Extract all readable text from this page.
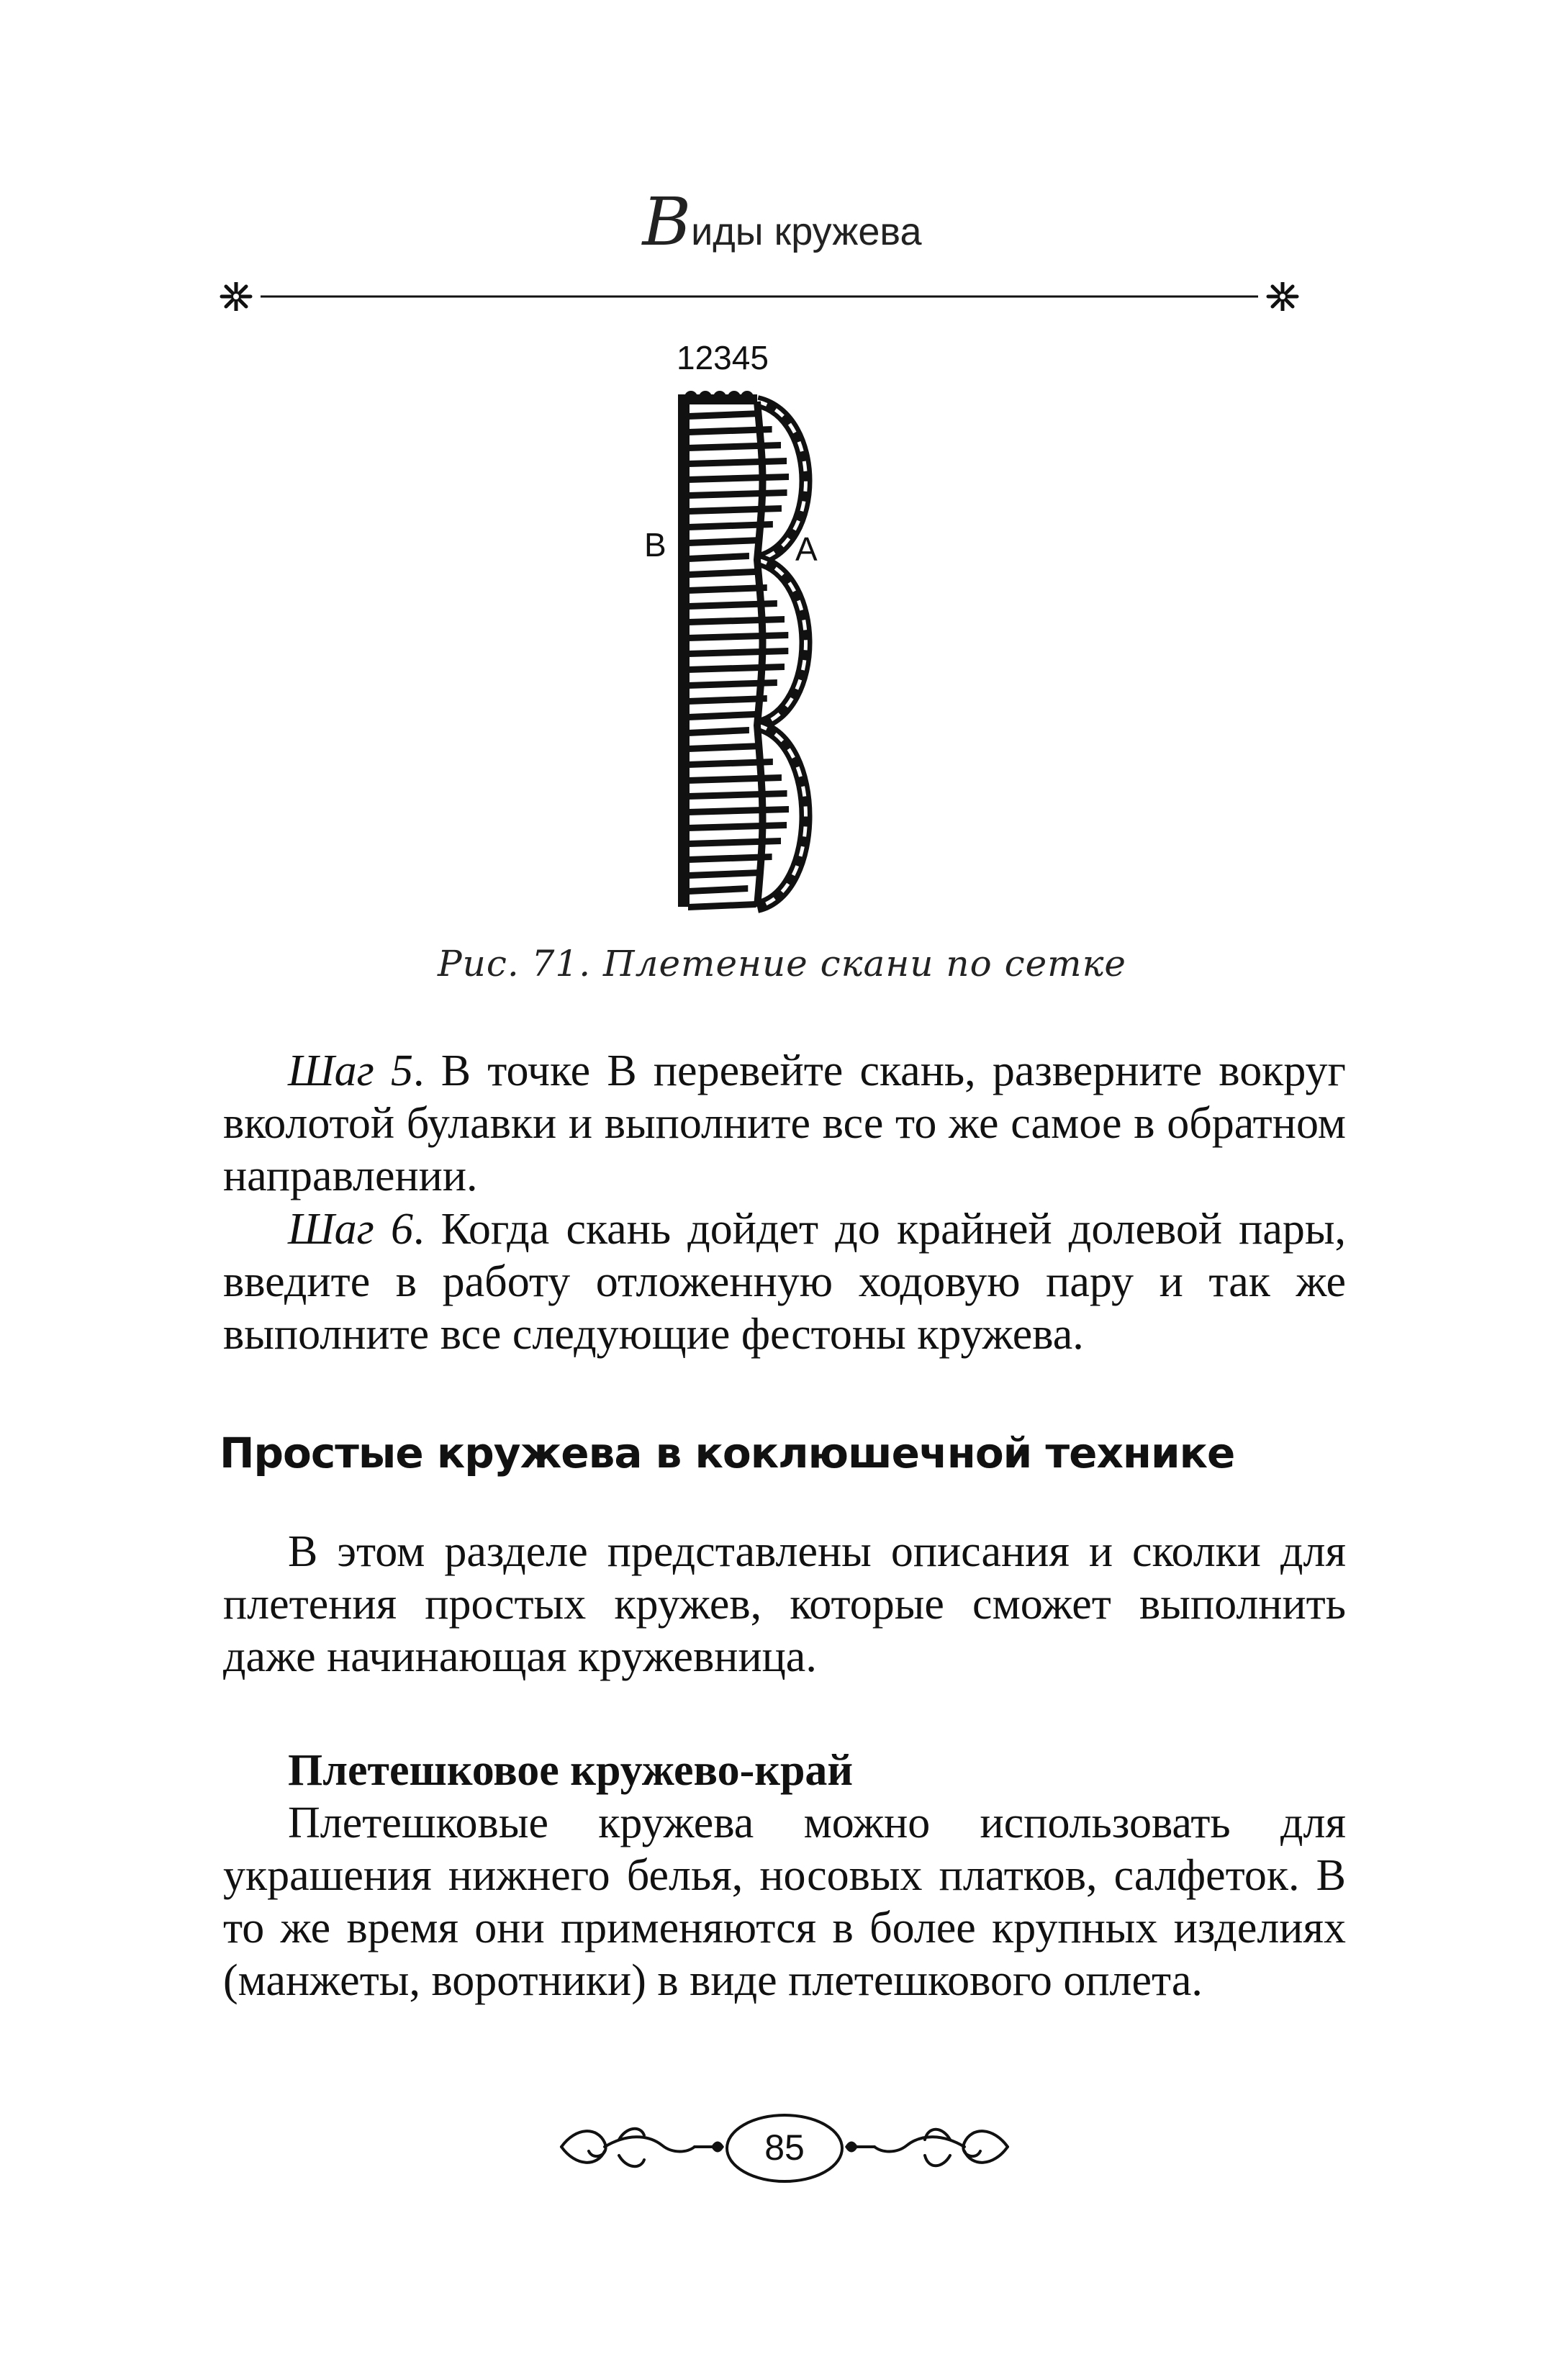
Виды кружева
12345
B	A
Рис. 71. Плетение скани по сетке

Шаг 5. В точке В перевейте скань, разверните вокруг вколотой булавки и выполните все то же самое в обратном направлении.

Шаг 6. Когда скань дойдет до крайней долевой пары, введите в работу отложенную ходовую пару и так же выполните все следующие фестоны кружева.

Простые кружева в коклюшечной технике

В этом разделе представлены описания и сколки для плетения простых кружев, которые сможет выполнить даже начинающая кружевница.

Плетешковое кружево-край

Плетешковые кружева можно использовать для украшения нижнего белья, носовых платков, салфеток. В то же время они применяются в более крупных изделиях (манжеты, воротники) в виде плетешкового оплета.

85
